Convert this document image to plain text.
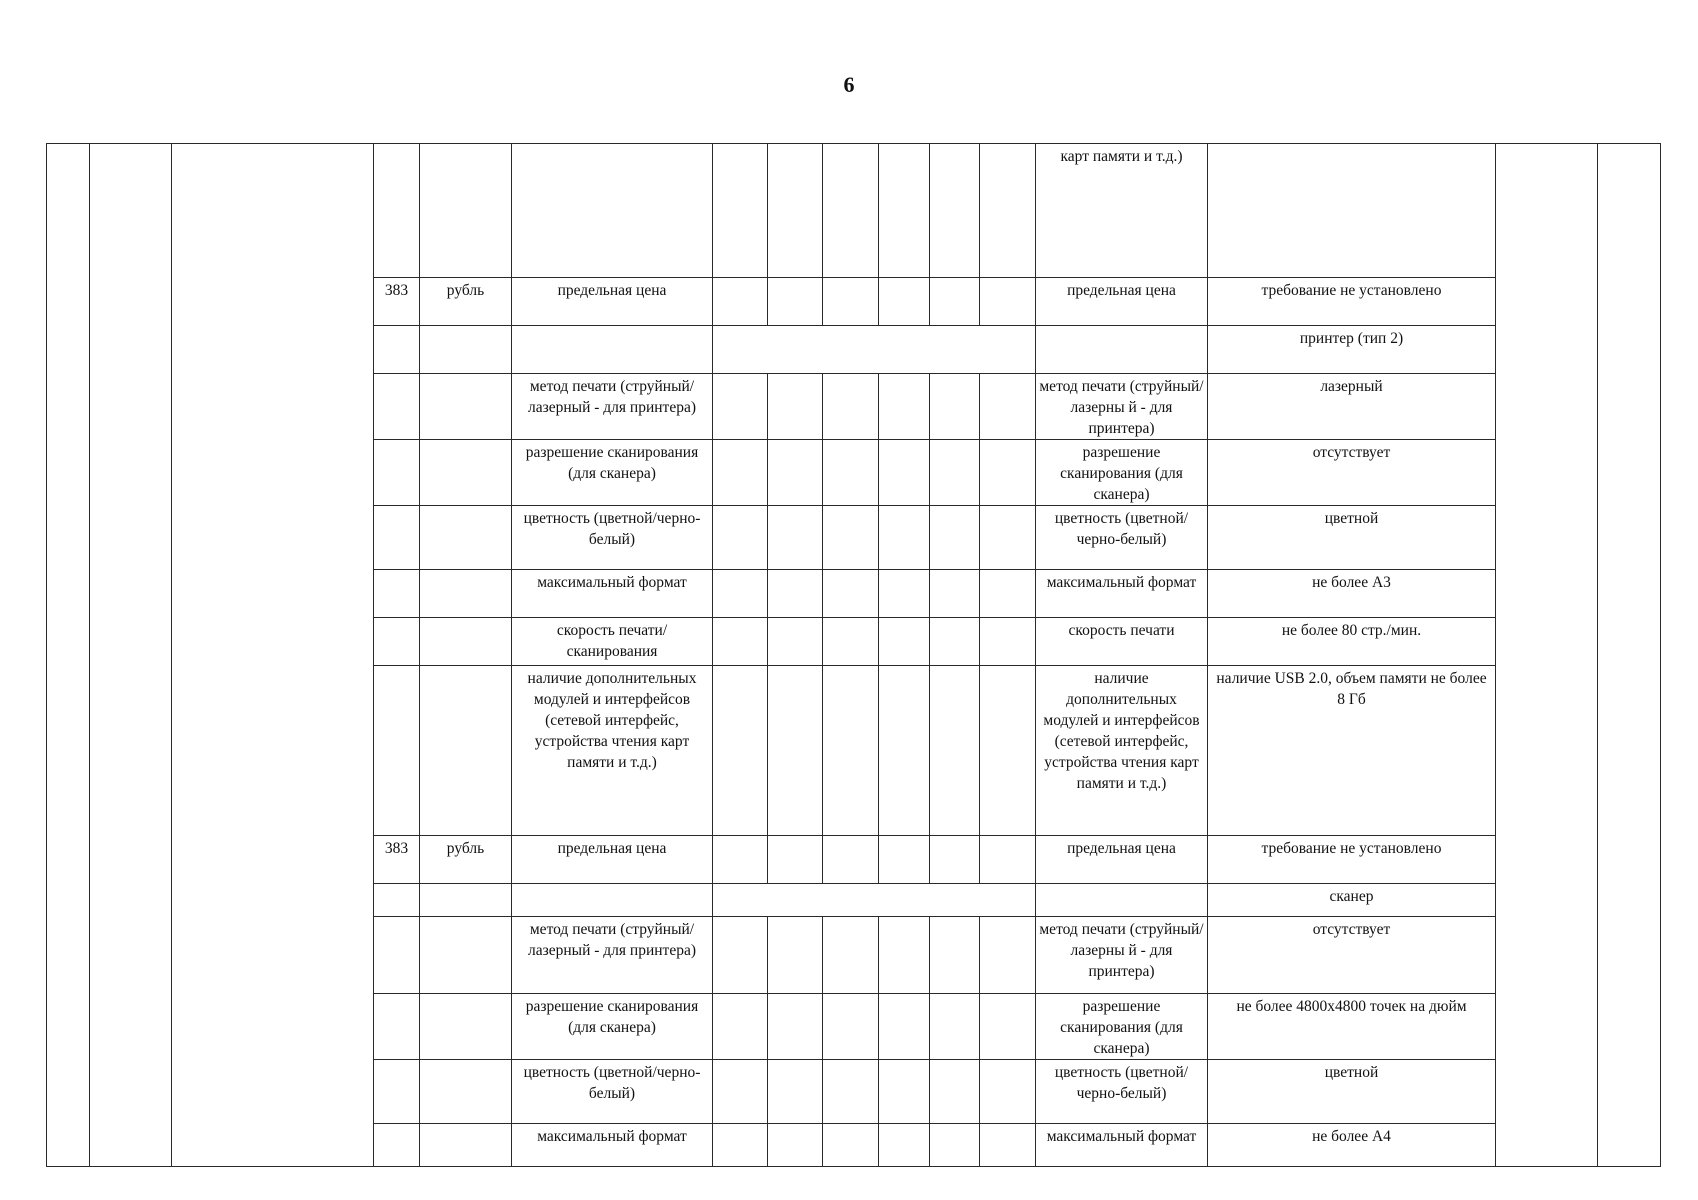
6
												карт памяти и т.д.)			
			383	рубль	предельная цена							предельная цена	требование не установлено		
													принтер (тип 2)		
					метод печати (струйный/лазерный - для принтера)							метод печати (струйный/лазерны й - для принтера)	лазерный		
					разрешение сканирования (для сканера)							разрешение сканирования (для сканера)	отсутствует		
					цветность (цветной/черно-белый)							цветность (цветной/черно-белый)	цветной		
					максимальный формат							максимальный формат	не более А3		
					скорость печати/сканирования							скорость печати	не более 80 стр./мин.		
					наличие дополнительных модулей и интерфейсов (сетевой интерфейс, устройства чтения карт памяти и т.д.)							наличие дополнительных модулей и интерфейсов (сетевой интерфейс, устройства чтения карт памяти и т.д.)	наличие USB 2.0, объем памяти не более 8 Гб		
			383	рубль	предельная цена							предельная цена	требование не установлено		
													сканер		
					метод печати (струйный/лазерный - для принтера)							метод печати (струйный/лазерны й - для принтера)	отсутствует		
					разрешение сканирования (для сканера)							разрешение сканирования (для сканера)	не более 4800x4800 точек на дюйм		
					цветность (цветной/черно-белый)							цветность (цветной/черно-белый)	цветной		
					максимальный формат							максимальный формат	не более А4		
